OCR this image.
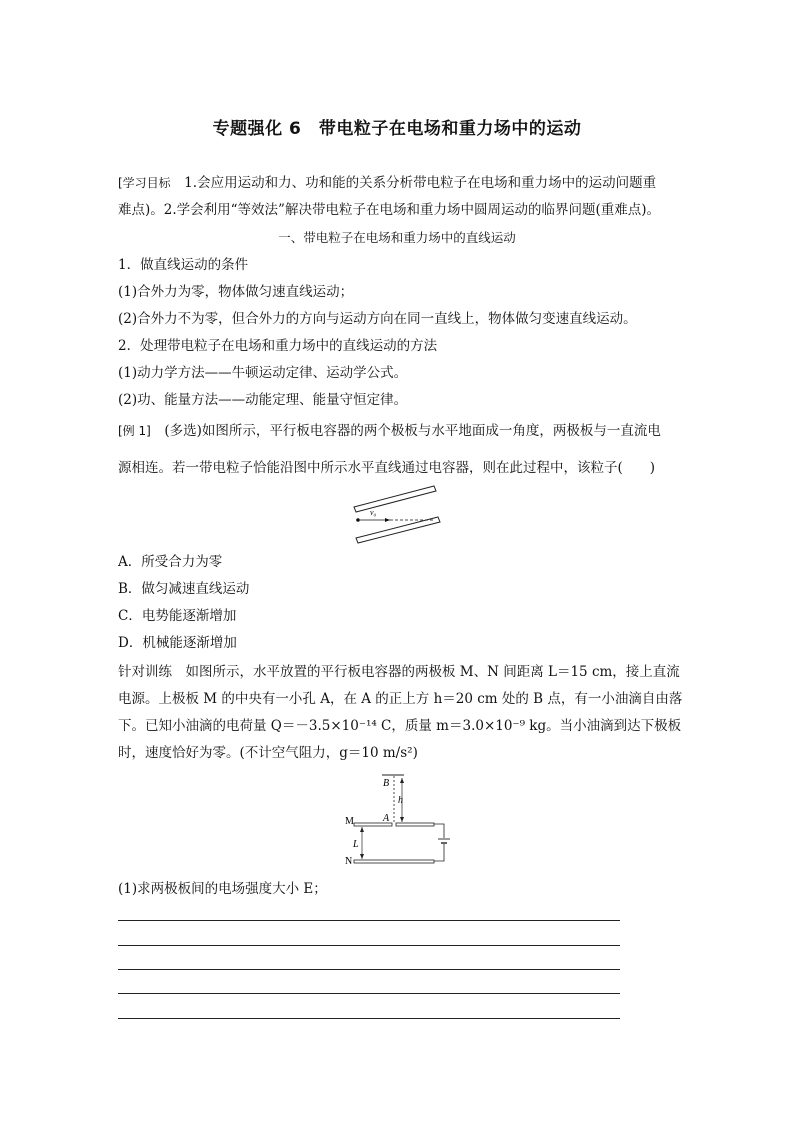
专题强化 6　带电粒子在电场和重力场中的运动
[学习目标　1.会应用运动和力、功和能的关系分析带电粒子在电场和重力场中的运动问题重
难点)。2.学会利用“等效法”解决带电粒子在电场和重力场中圆周运动的临界问题(重难点)。
一、带电粒子在电场和重力场中的直线运动
1．做直线运动的条件
(1)合外力为零，物体做匀速直线运动；
(2)合外力不为零，但合外力的方向与运动方向在同一直线上，物体做匀变速直线运动。
2．处理带电粒子在电场和重力场中的直线运动的方法
(1)动力学方法——牛顿运动定律、运动学公式。
(2)功、能量方法——动能定理、能量守恒定律。
[例 1]　(多选)如图所示，平行板电容器的两个极板与水平地面成一角度，两极板与一直流电
源相连。若一带电粒子恰能沿图中所示水平直线通过电容器，则在此过程中，该粒子(　　)
v₀
A．所受合力为零
B．做匀减速直线运动
C．电势能逐渐增加
D．机械能逐渐增加
针对训练　如图所示，水平放置的平行板电容器的两极板 M、N 间距离 L＝15 cm，接上直流
电源。上极板 M 的中央有一小孔 A，在 A 的正上方 h＝20 cm 处的 B 点，有一小油滴自由落
下。已知小油滴的电荷量 Q＝－3.5×10⁻¹⁴ C，质量 m＝3.0×10⁻⁹ kg。当小油滴到达下极板
时，速度恰好为零。(不计空气阻力，g＝10 m/s²)
B
h
M	A
N
L
(1)求两极板间的电场强度大小 E；
